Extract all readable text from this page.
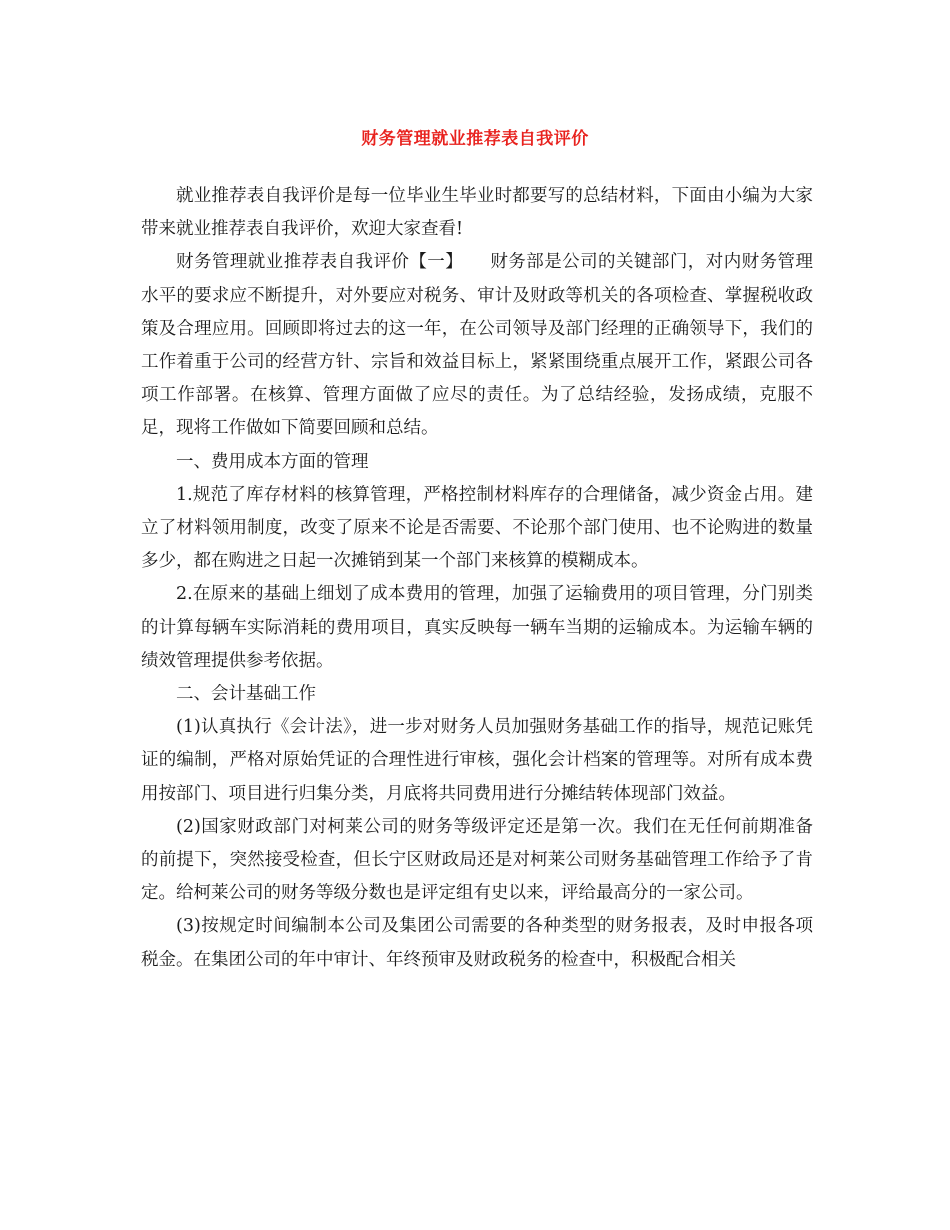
财务管理就业推荐表自我评价

就业推荐表自我评价是每一位毕业生毕业时都要写的总结材料，下面由小编为大家带来就业推荐表自我评价，欢迎大家查看!

财务管理就业推荐表自我评价【一】　　财务部是公司的关键部门，对内财务管理水平的要求应不断提升，对外要应对税务、审计及财政等机关的各项检查、掌握税收政策及合理应用。回顾即将过去的这一年，在公司领导及部门经理的正确领导下，我们的工作着重于公司的经营方针、宗旨和效益目标上，紧紧围绕重点展开工作，紧跟公司各项工作部署。在核算、管理方面做了应尽的责任。为了总结经验，发扬成绩，克服不足，现将工作做如下简要回顾和总结。

一、费用成本方面的管理

1.规范了库存材料的核算管理，严格控制材料库存的合理储备，减少资金占用。建立了材料领用制度，改变了原来不论是否需要、不论那个部门使用、也不论购进的数量多少，都在购进之日起一次摊销到某一个部门来核算的模糊成本。

2.在原来的基础上细划了成本费用的管理，加强了运输费用的项目管理，分门别类的计算每辆车实际消耗的费用项目，真实反映每一辆车当期的运输成本。为运输车辆的绩效管理提供参考依据。

二、会计基础工作

(1)认真执行《会计法》，进一步对财务人员加强财务基础工作的指导，规范记账凭证的编制，严格对原始凭证的合理性进行审核，强化会计档案的管理等。对所有成本费用按部门、项目进行归集分类，月底将共同费用进行分摊结转体现部门效益。

(2)国家财政部门对柯莱公司的财务等级评定还是第一次。我们在无任何前期准备的前提下，突然接受检查，但长宁区财政局还是对柯莱公司财务基础管理工作给予了肯定。给柯莱公司的财务等级分数也是评定组有史以来，评给最高分的一家公司。

(3)按规定时间编制本公司及集团公司需要的各种类型的财务报表，及时申报各项税金。在集团公司的年中审计、年终预审及财政税务的检查中，积极配合相关
